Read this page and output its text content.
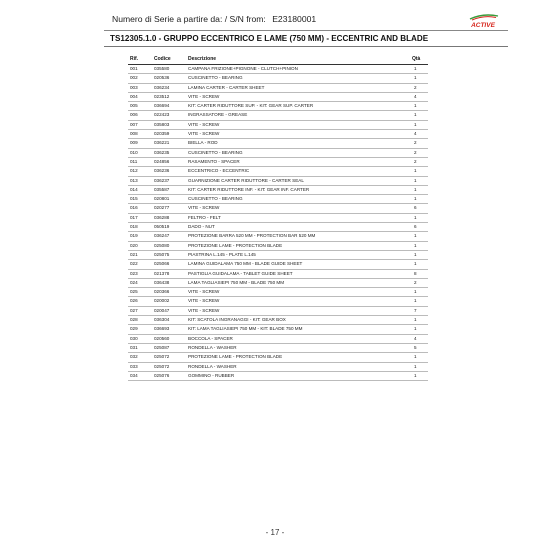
Numero di Serie a partire da: / S/N from: E23180001
ACTIVE
TS12305.1.0 - GRUPPO ECCENTRICO E LAME (750 MM) - ECCENTRIC AND BLADE
Rif.	Codice	Descrizione	Qtà
001	035580	CAMPANA FRIZIONE+PIGNONE - CLUTCH+PINION	1
002	020536	CUSCINETTO - BEARING	1
003	036234	LAMINA CARTER - CARTER SHEET	2
004	023512	VITE - SCREW	4
005	036694	KIT: CARTER RIDUTTORE SUP. - KIT: GEAR SUP. CARTER	1
006	022423	INGRASSATORE - GREASE	1
007	035803	VITE - SCREW	1
008	020359	VITE - SCREW	4
009	036221	BIELLA - ROD	2
010	036235	CUSCINETTO - BEARING	2
011	024856	RASAMENTO - SPACER	2
012	036236	ECCENTRICO - ECCENTRIC	1
013	036237	GUARNIZIONE CARTER RIDUTTORE - CARTER SEAL	1
014	035587	KIT: CARTER RIDUTTORE INF. - KIT: GEAR INF. CARTER	1
015	020801	CUSCINETTO - BEARING	1
016	020277	VITE - SCREW	6
017	036288	FELTRO - FELT	1
018	050519	DADO - NUT	6
019	036247	PROTEZIONE BARRA 520 MM - PROTECTION BAR 520 MM	1
020	025080	PROTEZIONE LAME - PROTECTION BLADE	1
021	025075	PIASTRINA L.145 - PLATE L.145	1
022	025066	LAMINA GUIDALAMA 750 MM - BLADE GUIDE SHEET	1
023	021378	PASTIGLIA GUIDALAMA - TABLET GUIDE SHEET	8
024	036438	LAMA TAGLIASIEPI 750 MM - BLADE 750 MM	2
025	020366	VITE - SCREW	1
026	020002	VITE - SCREW	1
027	020047	VITE - SCREW	7
028	036304	KIT: SCATOLA INGRANAGGI - KIT: GEAR BOX	1
029	036693	KIT: LAMA TAGLIASIEPI 750 MM - KIT: BLADE 750 MM	1
030	020560	BOCCOLA - SPACER	4
031	025087	RONDELLA - WASHER	5
032	025072	PROTEZIONE LAME - PROTECTION BLADE	1
033	025072	RONDELLA - WASHER	1
034	025076	GOMMINO - RUBBER	1
- 17 -
